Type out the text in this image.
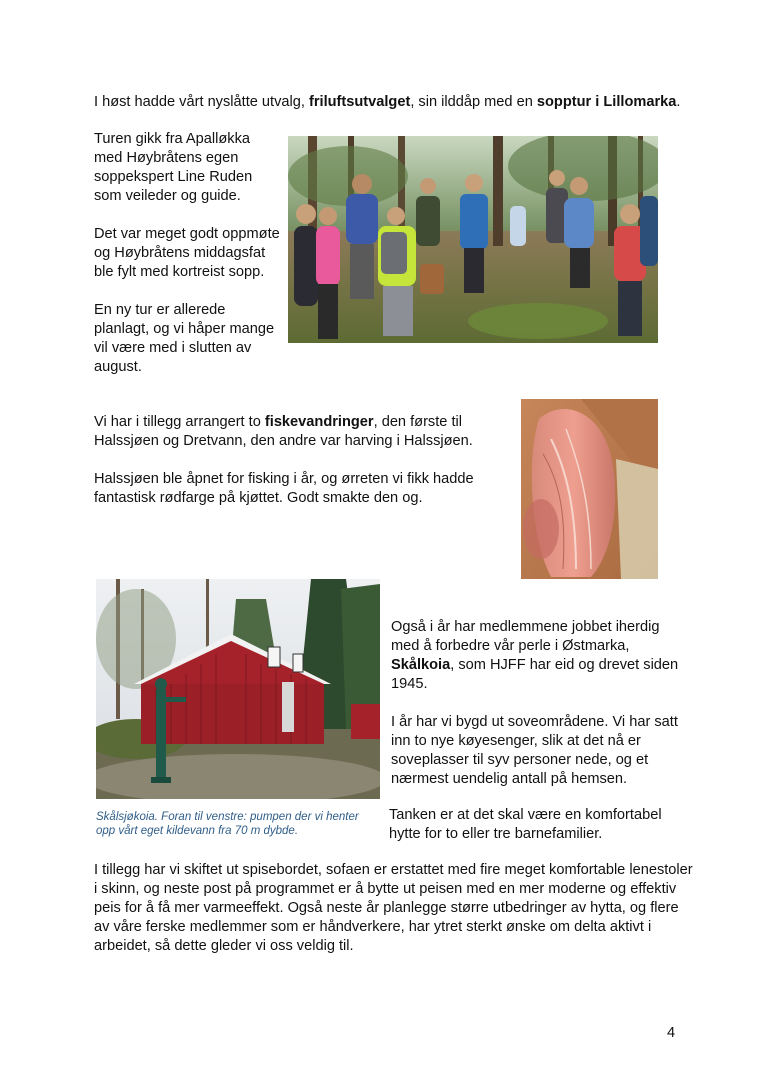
I høst hadde vårt nyslåtte utvalg, friluftsutvalget, sin ilddåp med en sopptur i Lillomarka.

Turen gikk fra Apalløkka
med Høybråtens egen
soppekspert Line Ruden
som veileder og guide.

Det var meget godt oppmøte
og Høybråtens middagsfat
ble fylt med kortreist sopp.

En ny tur er allerede
planlagt, og vi håper mange
vil være med i slutten av
august.

Vi har i tillegg arrangert to fiskevandringer, den første til
Halssjøen og Dretvann, den andre var harving i Halssjøen.

Halssjøen ble åpnet for fisking i år, og ørreten vi fikk hadde
fantastisk rødfarge på kjøttet. Godt smakte den og.

Skålsjøkoia. Foran til venstre: pumpen der vi henter
opp vårt eget kildevann fra 70 m dybde.

Også i år har medlemmene jobbet iherdig
med å forbedre vår perle i Østmarka,
Skålkoia, som HJFF har eid og drevet siden
1945.

I år har vi bygd ut soveområdene. Vi har satt
inn to nye køyesenger, slik at det nå er
soveplasser til syv personer nede, og et
nærmest uendelig antall på hemsen.

Tanken er at det skal være en komfortabel
hytte for to eller tre barnefamilier.

I tillegg har vi skiftet ut spisebordet, sofaen er erstattet med fire meget komfortable lenestoler
i skinn, og neste post på programmet er å bytte ut peisen med en mer moderne og effektiv
peis for å få mer varmeeffekt. Også neste år planlegge større utbedringer av hytta, og flere
av våre ferske medlemmer som er håndverkere, har ytret sterkt ønske om delta aktivt i
arbeidet, så dette gleder vi oss veldig til.

4
